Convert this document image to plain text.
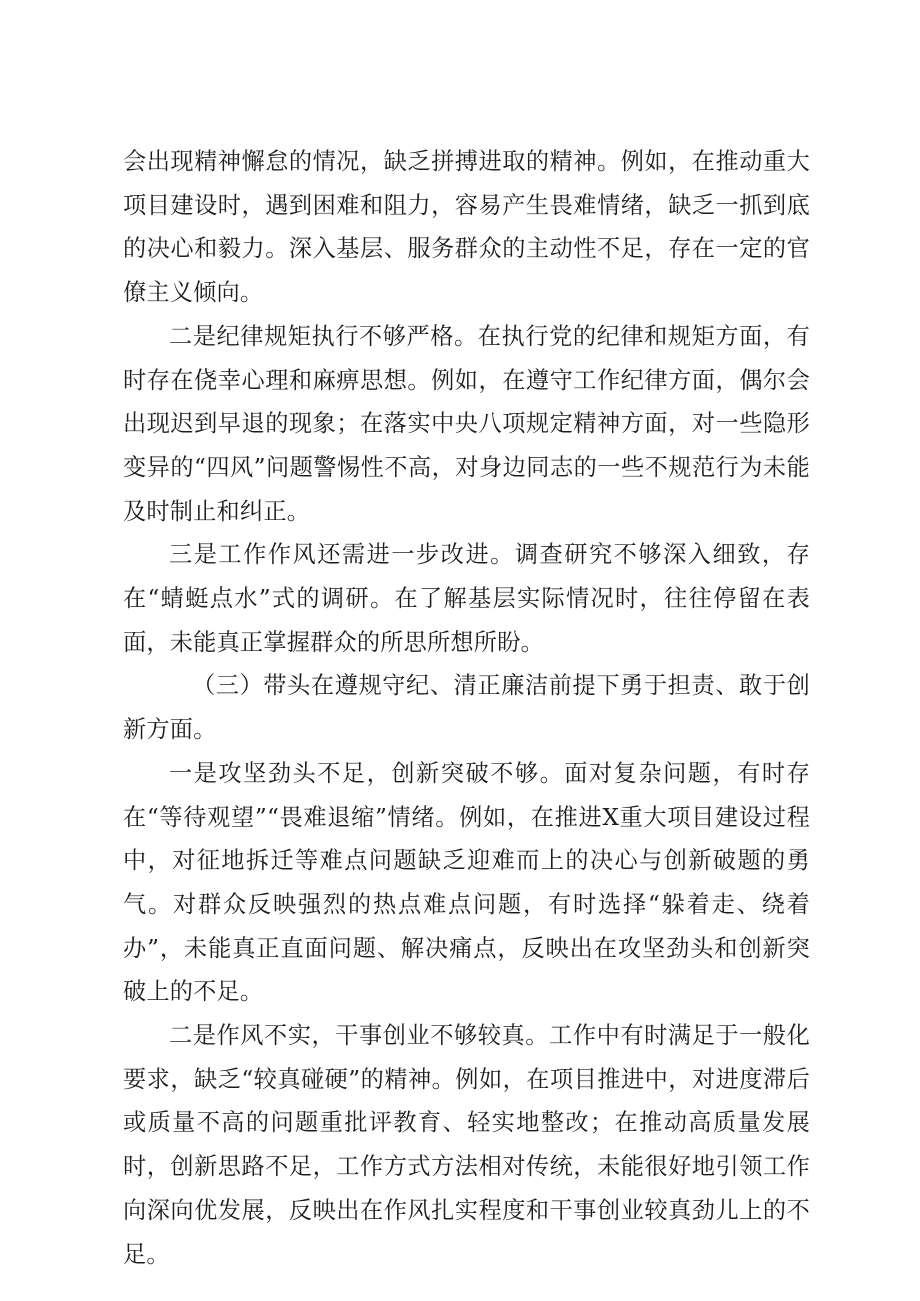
会出现精神懈怠的情况，缺乏拼搏进取的精神。例如，在推动重大项目建设时，遇到困难和阻力，容易产生畏难情绪，缺乏一抓到底的决心和毅力。深入基层、服务群众的主动性不足，存在一定的官僚主义倾向。

二是纪律规矩执行不够严格。在执行党的纪律和规矩方面，有时存在侥幸心理和麻痹思想。例如，在遵守工作纪律方面，偶尔会出现迟到早退的现象；在落实中央八项规定精神方面，对一些隐形变异的“四风”问题警惕性不高，对身边同志的一些不规范行为未能及时制止和纠正。

三是工作作风还需进一步改进。调查研究不够深入细致，存在“蜻蜓点水”式的调研。在了解基层实际情况时，往往停留在表面，未能真正掌握群众的所思所想所盼。

（三）带头在遵规守纪、清正廉洁前提下勇于担责、敢于创新方面。

一是攻坚劲头不足，创新突破不够。面对复杂问题，有时存在“等待观望”“畏难退缩”情绪。例如，在推进X重大项目建设过程中，对征地拆迁等难点问题缺乏迎难而上的决心与创新破题的勇气。对群众反映强烈的热点难点问题，有时选择“躲着走、绕着办”，未能真正直面问题、解决痛点，反映出在攻坚劲头和创新突破上的不足。

二是作风不实，干事创业不够较真。工作中有时满足于一般化要求，缺乏“较真碰硬”的精神。例如，在项目推进中，对进度滞后或质量不高的问题重批评教育、轻实地整改；在推动高质量发展时，创新思路不足，工作方式方法相对传统，未能很好地引领工作向深向优发展，反映出在作风扎实程度和干事创业较真劲儿上的不足。
